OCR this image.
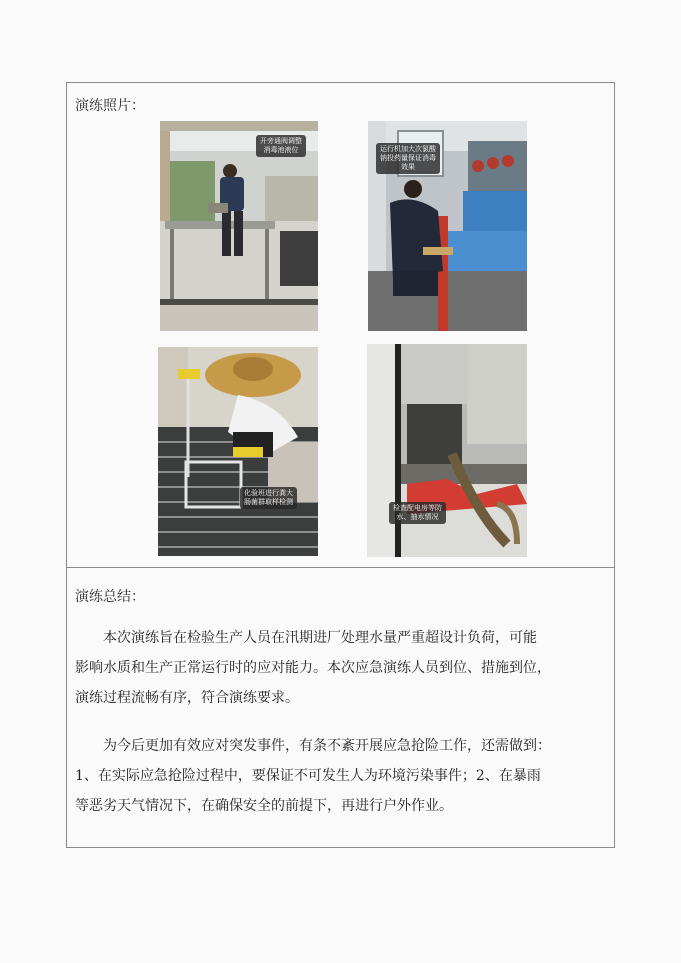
演练照片：
开旁通阀调整
消毒池液位	运行机加大次氯酸
钠投药量保证消毒
效果
化验班进行粪大
肠菌群取样检测
检查配电房等防
水、抽水情况
演练总结：
本次演练旨在检验生产人员在汛期进厂处理水量严重超设计负荷，可能
影响水质和生产正常运行时的应对能力。本次应急演练人员到位、措施到位，
演练过程流畅有序，符合演练要求。
为今后更加有效应对突发事件，有条不紊开展应急抢险工作，还需做到：
1、在实际应急抢险过程中，要保证不可发生人为环境污染事件；2、在暴雨
等恶劣天气情况下，在确保安全的前提下，再进行户外作业。
